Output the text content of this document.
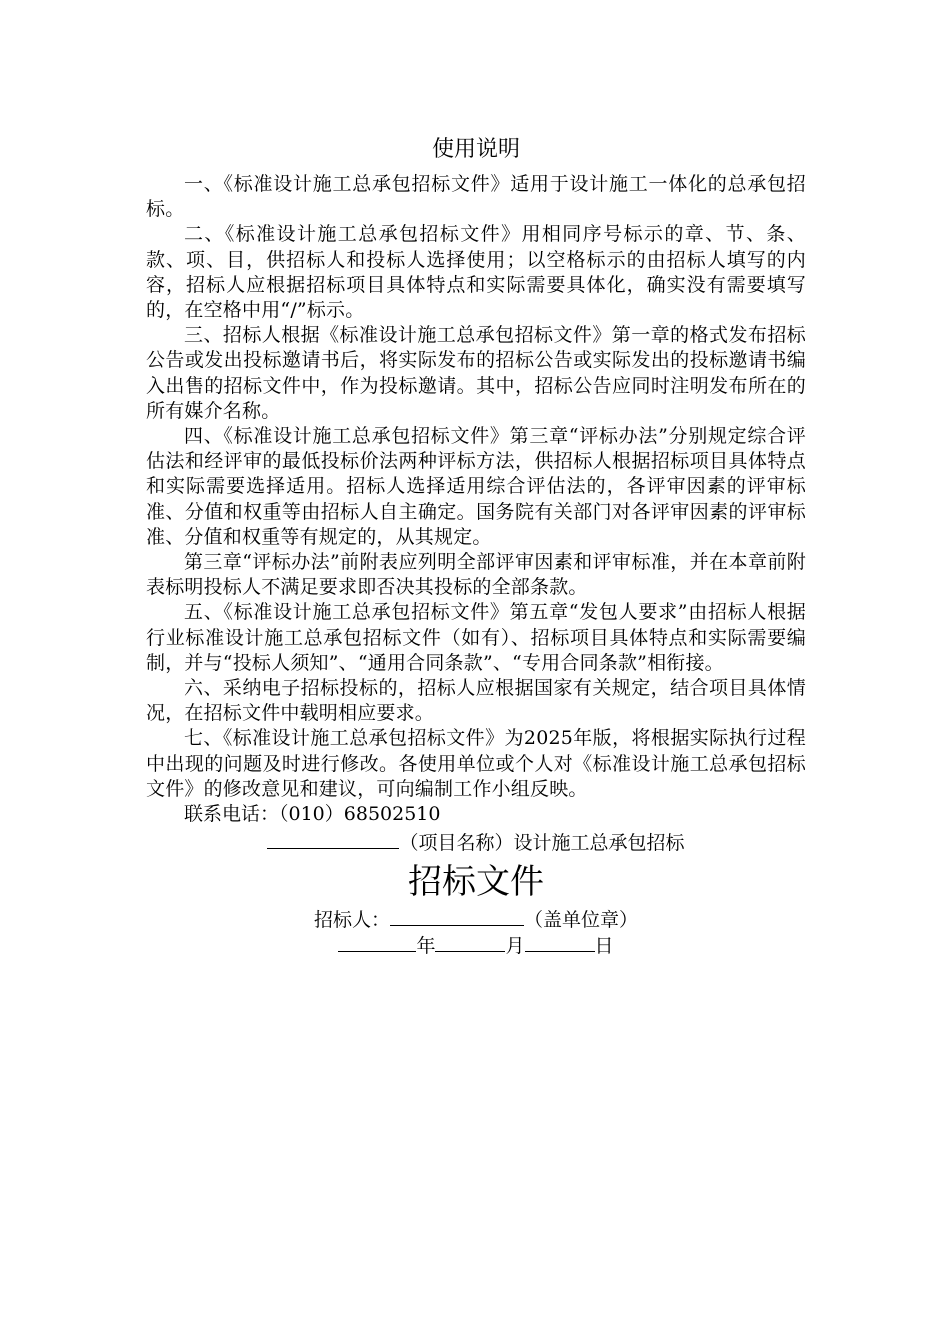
使用说明

一、《标准设计施工总承包招标文件》适用于设计施工一体化的总承包招标。

二、《标准设计施工总承包招标文件》用相同序号标示的章、节、条、款、项、目，供招标人和投标人选择使用；以空格标示的由招标人填写的内容，招标人应根据招标项目具体特点和实际需要具体化，确实没有需要填写的，在空格中用“/”标示。

三、招标人根据《标准设计施工总承包招标文件》第一章的格式发布招标公告或发出投标邀请书后，将实际发布的招标公告或实际发出的投标邀请书编入出售的招标文件中，作为投标邀请。其中，招标公告应同时注明发布所在的所有媒介名称。

四、《标准设计施工总承包招标文件》第三章“评标办法”分别规定综合评估法和经评审的最低投标价法两种评标方法，供招标人根据招标项目具体特点和实际需要选择适用。招标人选择适用综合评估法的，各评审因素的评审标准、分值和权重等由招标人自主确定。国务院有关部门对各评审因素的评审标准、分值和权重等有规定的，从其规定。

第三章“评标办法”前附表应列明全部评审因素和评审标准，并在本章前附表标明投标人不满足要求即否决其投标的全部条款。

五、《标准设计施工总承包招标文件》第五章“发包人要求”由招标人根据行业标准设计施工总承包招标文件（如有）、招标项目具体特点和实际需要编制，并与“投标人须知”、“通用合同条款”、“专用合同条款”相衔接。

六、采纳电子招标投标的，招标人应根据国家有关规定，结合项目具体情况，在招标文件中载明相应要求。

七、《标准设计施工总承包招标文件》为2025年版，将根据实际执行过程中出现的问题及时进行修改。各使用单位或个人对《标准设计施工总承包招标文件》的修改意见和建议，可向编制工作小组反映。

联系电话：（010）68502510

（项目名称）设计施工总承包招标
招标文件
招标人：	（盖单位章）
年	月	日
